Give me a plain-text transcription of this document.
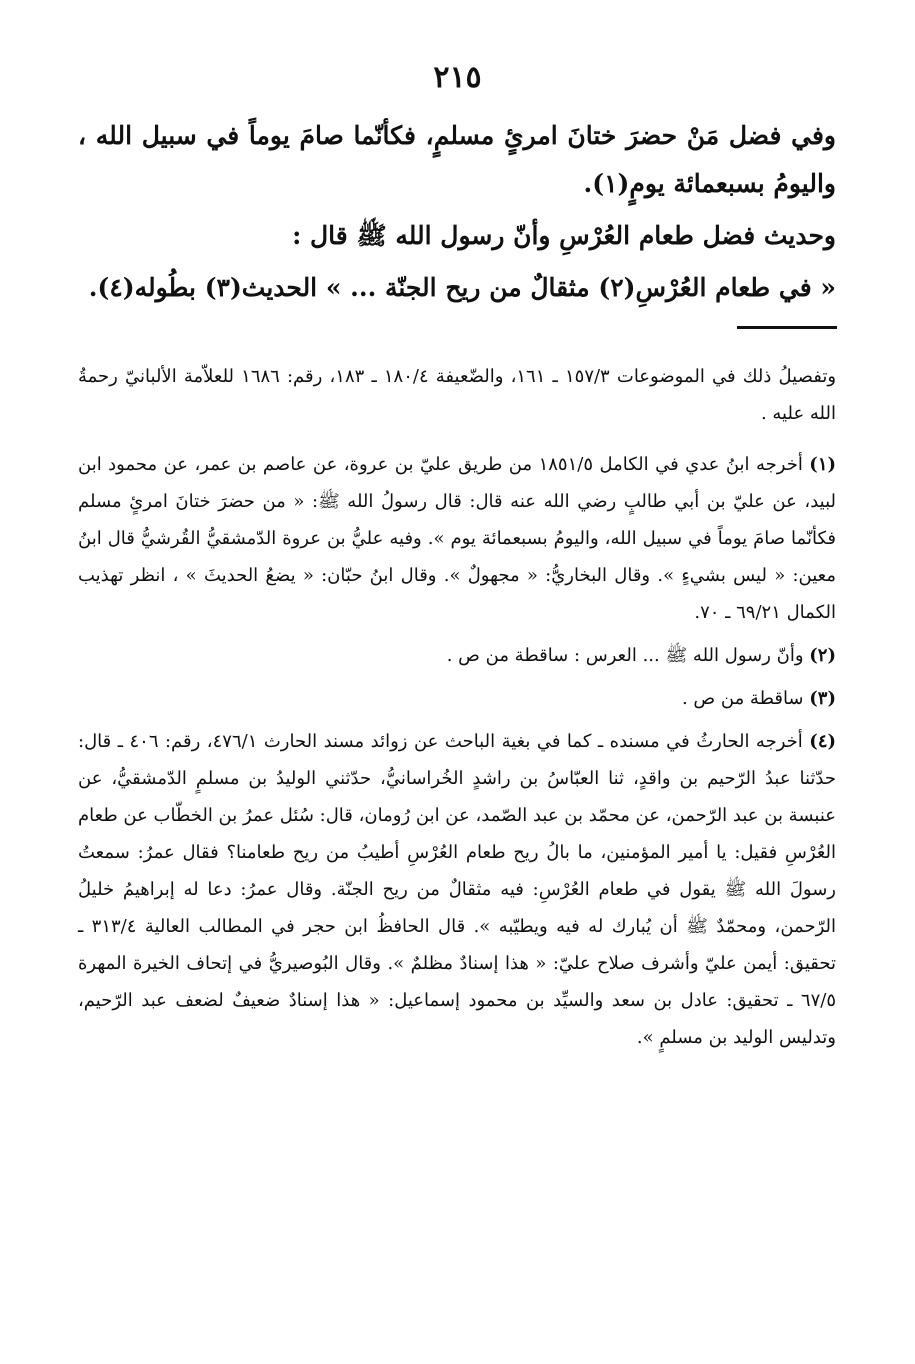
٢١٥

وفي فضل مَنْ حضرَ ختانَ امرئٍ مسلمٍ، فكأنّما صامَ يوماً في سبيل الله ، واليومُ بسبعمائة يومٍ(١).

وحديث فضل طعام العُرْسِ وأنّ رسول الله ﷺ قال :

« في طعام العُرْسِ(٢) مثقالٌ من ريح الجنّة ... » الحديث(٣) بطُوله(٤).

وتفصيلُ ذلك في الموضوعات ١٥٧/٣ ـ ١٦١، والضّعيفة ١٨٠/٤ ـ ١٨٣، رقم: ١٦٨٦ للعلاّمة الألبانيّ رحمةُ الله عليه .

(١) أخرجه ابنُ عدي في الكامل ١٨٥١/٥ من طريق عليّ بن عروة، عن عاصم بن عمر، عن محمود ابن لبيد، عن عليّ بن أبي طالبٍ رضي الله عنه قال: قال رسولُ الله ﷺ: « من حضرَ ختانَ امرئٍ مسلم فكأنّما صامَ يوماً في سبيل الله، واليومُ بسبعمائة يوم ». وفيه عليُّ بن عروة الدّمشقيُّ القُرشيُّ قال ابنُ معين: « ليس بشيءٍ ». وقال البخاريُّ: « مجهولٌ ». وقال ابنُ حبّان: « يضعُ الحديثَ » ، انظر تهذيب الكمال ٦٩/٢١ ـ ٧٠.

(٢) وأنّ رسول الله ﷺ ... العرس : ساقطة من ص .

(٣) ساقطة من ص .

(٤) أخرجه الحارثُ في مسنده ـ كما في بغية الباحث عن زوائد مسند الحارث ٤٧٦/١، رقم: ٤٠٦ ـ قال: حدّثنا عبدُ الرّحيم بن واقدٍ، ثنا العبّاسُ بن راشدٍ الخُراسانيُّ، حدّثني الوليدُ بن مسلمٍ الدّمشقيُّ، عن عنبسة بن عبد الرّحمن، عن محمّد بن عبد الصّمد، عن ابن رُومان، قال: سُئل عمرُ بن الخطّاب عن طعام العُرْسِ فقيل: يا أمير المؤمنين، ما بالُ ريح طعام العُرْسِ أطيبُ من ريح طعامنا؟ فقال عمرُ: سمعتُ رسولَ الله ﷺ يقول في طعام العُرْسِ: فيه مثقالٌ من ريح الجنّة. وقال عمرُ: دعا له إبراهيمُ خليلُ الرّحمن، ومحمّدٌ ﷺ أن يُبارك له فيه ويطيّبه ». قال الحافظُ ابن حجر في المطالب العالية ٣١٣/٤ ـ تحقيق: أيمن عليّ وأشرف صلاح عليّ: « هذا إسنادٌ مظلمٌ ». وقال البُوصيريُّ في إتحاف الخيرة المهرة ٦٧/٥ ـ تحقيق: عادل بن سعد والسيِّد بن محمود إسماعيل: « هذا إسنادٌ ضعيفٌ لضعف عبد الرّحيم، وتدليس الوليد بن مسلمٍ ».
